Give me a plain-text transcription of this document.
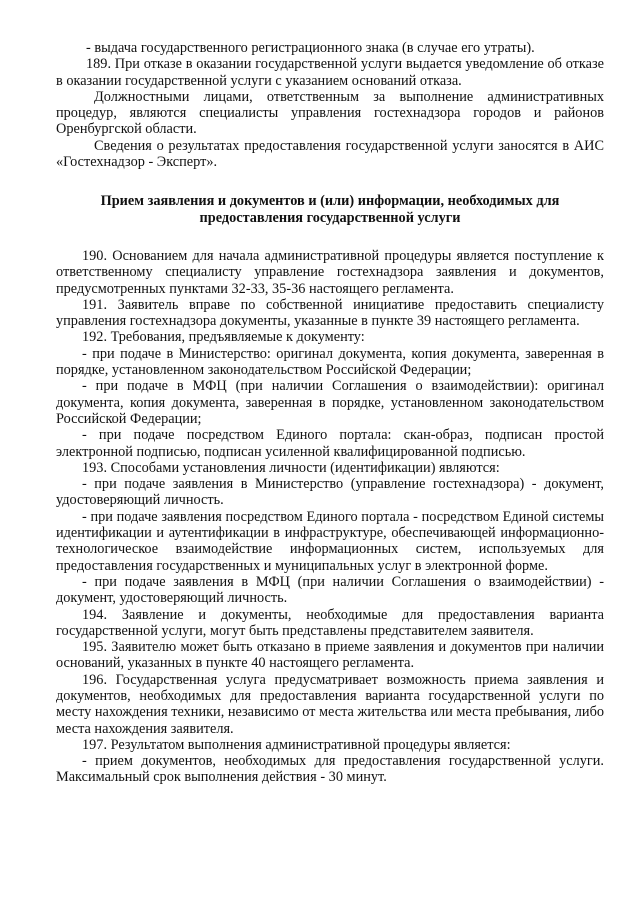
- выдача государственного регистрационного знака (в случае его утраты).

189. При отказе в оказании государственной услуги выдается уведомление об отказе в оказании государственной услуги с указанием оснований отказа.

Должностными лицами, ответственным за выполнение административных процедур, являются специалисты управления гостехнадзора городов и районов Оренбургской области.

Сведения о результатах предоставления государственной услуги заносятся в АИС «Гостехнадзор - Эксперт».

Прием заявления и документов и (или) информации, необходимых для предоставления государственной услуги

190. Основанием для начала административной процедуры является поступление к ответственному специалисту управление гостехнадзора заявления и документов, предусмотренных пунктами 32-33, 35-36 настоящего регламента.

191. Заявитель вправе по собственной инициативе предоставить специалисту управления гостехнадзора документы, указанные в пункте 39 настоящего регламента.

192. Требования, предъявляемые к документу:

- при подаче в Министерство: оригинал документа, копия документа, заверенная в порядке, установленном законодательством Российской Федерации;

- при подаче в МФЦ (при наличии Соглашения о взаимодействии): оригинал документа, копия документа, заверенная в порядке, установленном законодательством Российской Федерации;

- при подаче посредством Единого портала: скан-образ, подписан простой электронной подписью, подписан усиленной квалифицированной подписью.

193. Способами установления личности (идентификации) являются:

- при подаче заявления в Министерство (управление гостехнадзора) - документ, удостоверяющий личность.

- при подаче заявления посредством Единого портала - посредством Единой системы идентификации и аутентификации в инфраструктуре, обеспечивающей информационно-технологическое взаимодействие информационных систем, используемых для предоставления государственных и муниципальных услуг в электронной форме.

- при подаче заявления в МФЦ (при наличии Соглашения о взаимодействии) - документ, удостоверяющий личность.

194. Заявление и документы, необходимые для предоставления варианта государственной услуги, могут быть представлены представителем заявителя.

195. Заявителю может быть отказано в приеме заявления и документов при наличии оснований, указанных в пункте 40 настоящего регламента.

196. Государственная услуга предусматривает возможность приема заявления и документов, необходимых для предоставления варианта государственной услуги по месту нахождения техники, независимо от места жительства или места пребывания, либо места нахождения заявителя.

197. Результатом выполнения административной процедуры является:

- прием документов, необходимых для предоставления государственной услуги. Максимальный срок выполнения действия - 30 минут.
